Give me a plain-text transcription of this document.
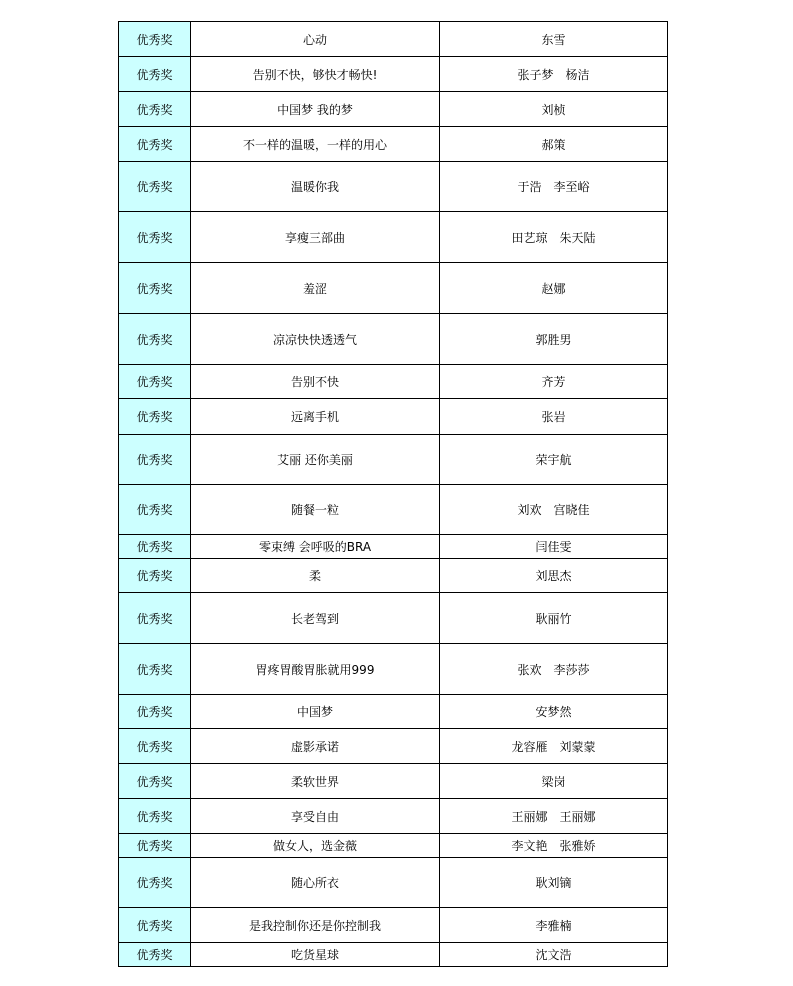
优秀奖	心动	东雪
优秀奖	告别不快，够快才畅快!	张子梦　杨洁
优秀奖	中国梦 我的梦	刘桢
优秀奖	不一样的温暖，一样的用心	郝策
优秀奖	温暖你我	于浩　李至峪
优秀奖	享瘦三部曲	田艺琼　朱天陆
优秀奖	羞涩	赵娜
优秀奖	凉凉快快透透气	郭胜男
优秀奖	告别不快	齐芳
优秀奖	远离手机	张岩
优秀奖	艾丽 还你美丽	荣宇航
优秀奖	随餐一粒	刘欢　宫晓佳
优秀奖	零束缚 会呼吸的BRA	闫佳雯
优秀奖	柔	刘思杰
优秀奖	长老驾到	耿丽竹
优秀奖	胃疼胃酸胃胀就用999	张欢　李莎莎
优秀奖	中国梦	安梦然
优秀奖	虚影承诺	龙容雁　刘蒙蒙
优秀奖	柔软世界	梁岗
优秀奖	享受自由	王丽娜　王丽娜
优秀奖	做女人，选金薇	李文艳　张雅娇
优秀奖	随心所衣	耿刘镝
优秀奖	是我控制你还是你控制我	李雅楠
优秀奖	吃货星球	沈文浩
